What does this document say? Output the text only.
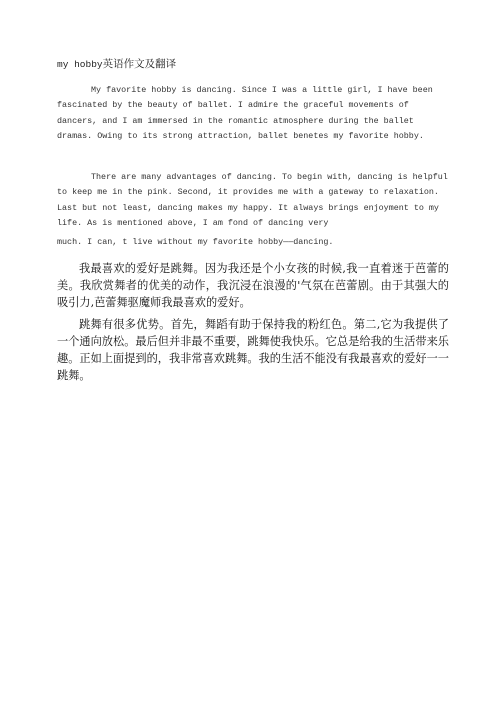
my hobby英语作文及翻译

My favorite hobby is dancing. Since I was a little girl, I have been fascinated by the beauty of ballet. I admire the graceful movements of dancers, and I am immersed in the romantic atmosphere during the ballet dramas. Owing to its strong attraction, ballet benetes my favorite hobby.

There are many advantages of dancing. To begin with, dancing is helpful to keep me in the pink. Second, it provides me with a gateway to relaxation. Last but not least, dancing makes my happy. It always brings enjoyment to my life. As is mentioned above, I am fond of dancing very
much. I can, t live without my favorite hobby——dancing.

我最喜欢的爱好是跳舞。因为我还是个小女孩的时候,我一直着迷于芭蕾的美。我欣赏舞者的优美的动作，我沉浸在浪漫的'气氛在芭蕾剧。由于其强大的吸引力,芭蕾舞驱魔师我最喜欢的爱好。

跳舞有很多优势。首先，舞蹈有助于保持我的粉红色。第二,它为我提供了一个通向放松。最后但并非最不重要，跳舞使我快乐。它总是给我的生活带来乐趣。正如上面提到的，我非常喜欢跳舞。我的生活不能没有我最喜欢的爱好一一跳舞。
